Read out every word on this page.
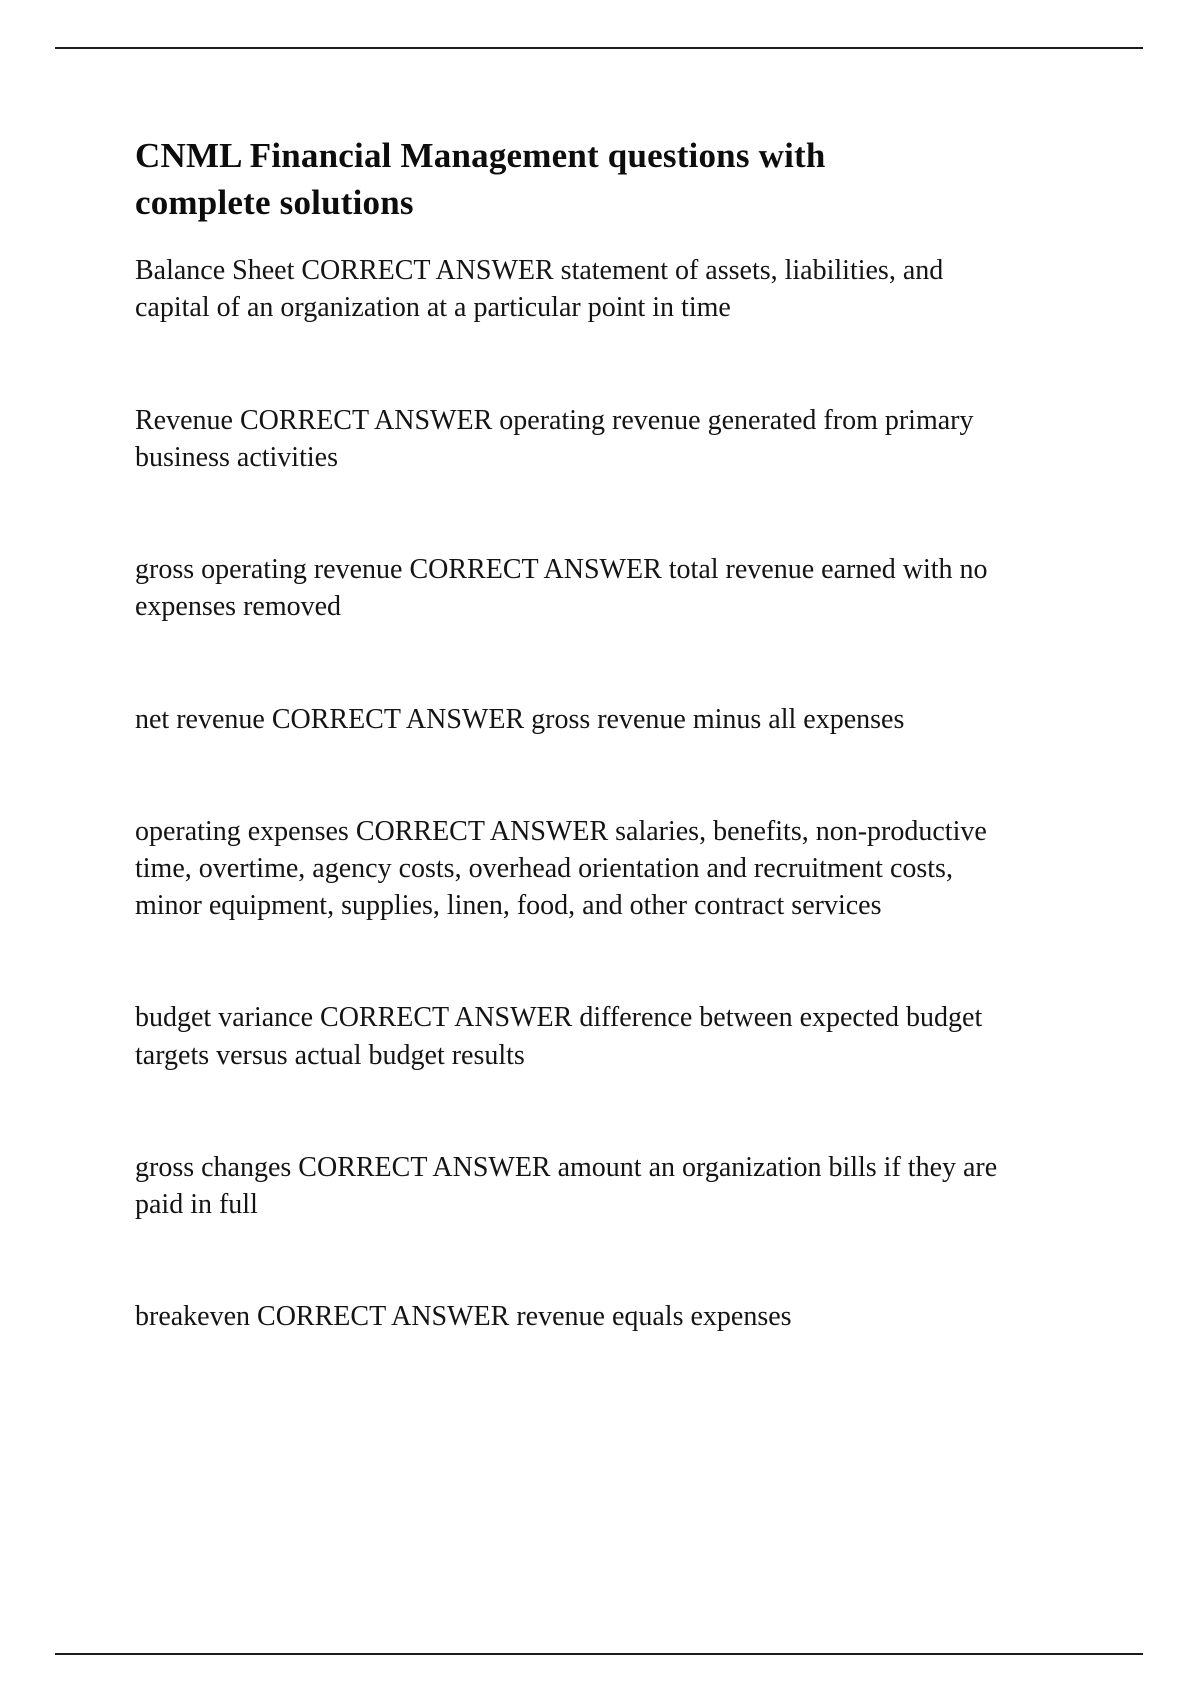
CNML Financial Management questions with complete solutions

Balance Sheet CORRECT ANSWER statement of assets, liabilities, and capital of an organization at a particular point in time

Revenue CORRECT ANSWER operating revenue generated from primary business activities

gross operating revenue CORRECT ANSWER total revenue earned with no expenses removed

net revenue CORRECT ANSWER gross revenue minus all expenses

operating expenses CORRECT ANSWER salaries, benefits, non-productive time, overtime, agency costs, overhead orientation and recruitment costs, minor equipment, supplies, linen, food, and other contract services

budget variance CORRECT ANSWER difference between expected budget targets versus actual budget results

gross changes CORRECT ANSWER amount an organization bills if they are paid in full

breakeven CORRECT ANSWER revenue equals expenses
